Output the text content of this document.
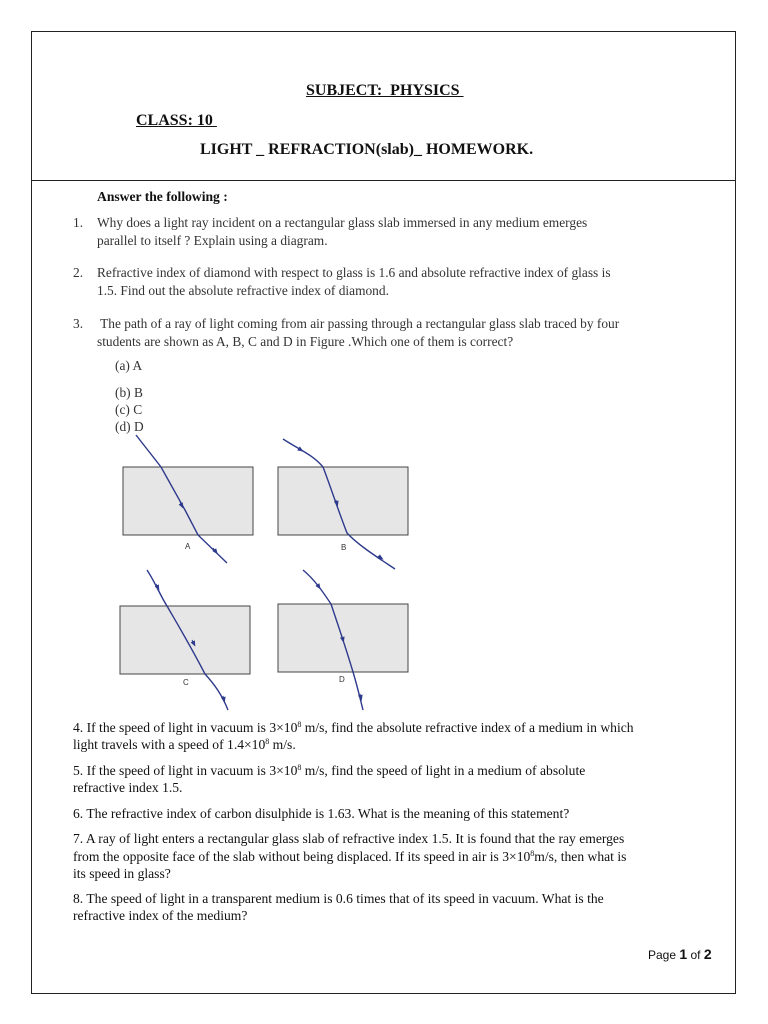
SUBJECT:  PHYSICS
CLASS: 10
LIGHT _ REFRACTION(slab)_ HOMEWORK.
Answer the following :
1. Why does a light ray incident on a rectangular glass slab immersed in any medium emerges
parallel to itself ? Explain using a diagram.
2. Refractive index of diamond with respect to glass is 1.6 and absolute refractive index of glass is
1.5. Find out the absolute refractive index of diamond.
3. The path of a ray of light coming from air passing through a rectangular glass slab traced by four
students are shown as A, B, C and D in Figure .Which one of them is correct?
(a) A
(b) B
(c) C
(d) D
A	B
C	D
4. If the speed of light in vacuum is $3\times 10^8$ m/s, find the absolute refractive index of a medium in which
light travels with a speed of $1.4\times 10^8$ m/s.
5. If the speed of light in vacuum is $3\times 10^8$ m/s, find the speed of light in a medium of absolute
refractive index 1.5.
6. The refractive index of carbon disulphide is 1.63. What is the meaning of this statement?
7. A ray of light enters a rectangular glass slab of refractive index 1.5. It is found that the ray emerges
from the opposite face of the slab without being displaced. If its speed in air is $3\times 10^8m/s$, then what is
its speed in glass?
8. The speed of light in a transparent medium is 0.6 times that of its speed in vacuum. What is the
refractive index of the medium?
Page 1 of 2
